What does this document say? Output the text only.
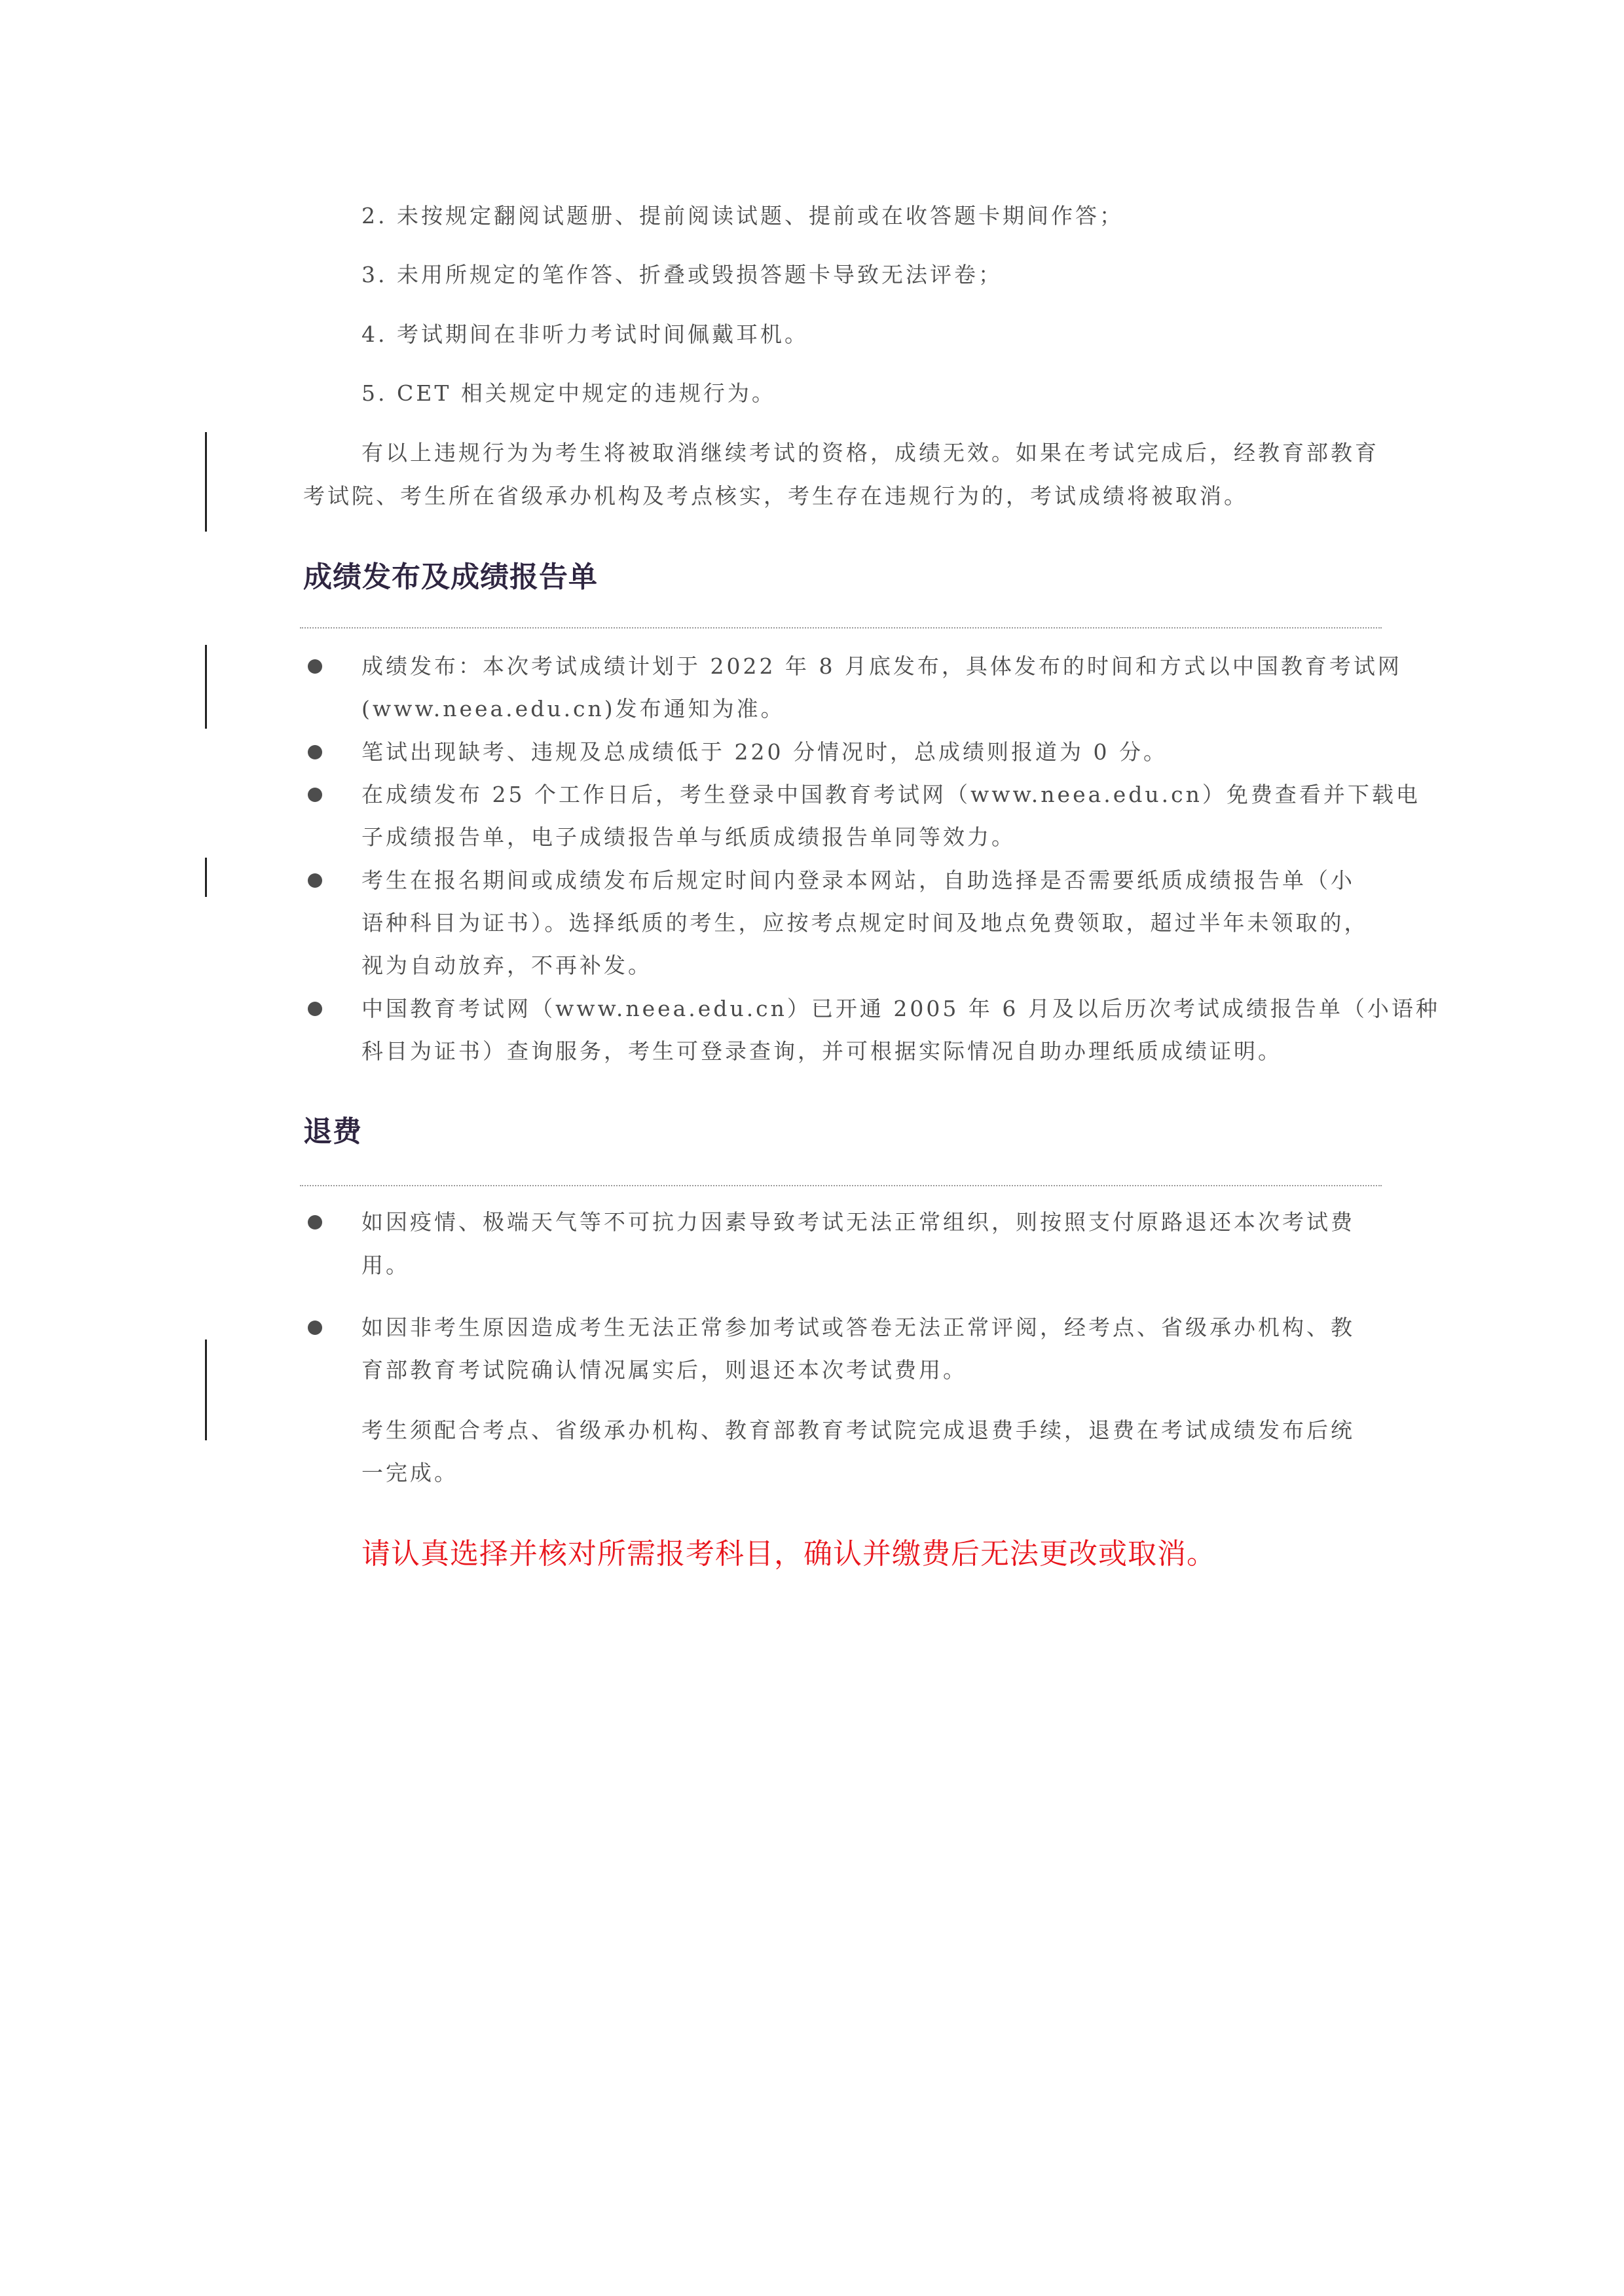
2. 未按规定翻阅试题册、提前阅读试题、提前或在收答题卡期间作答；
3. 未用所规定的笔作答、折叠或毁损答题卡导致无法评卷；
4. 考试期间在非听力考试时间佩戴耳机。
5. CET 相关规定中规定的违规行为。
有以上违规行为为考生将被取消继续考试的资格，成绩无效。如果在考试完成后，经教育部教育
考试院、考生所在省级承办机构及考点核实，考生存在违规行为的，考试成绩将被取消。
成绩发布及成绩报告单
成绩发布：本次考试成绩计划于 2022 年 8 月底发布，具体发布的时间和方式以中国教育考试网
(www.neea.edu.cn)发布通知为准。
笔试出现缺考、违规及总成绩低于 220 分情况时，总成绩则报道为 0 分。
在成绩发布 25 个工作日后，考生登录中国教育考试网（www.neea.edu.cn）免费查看并下载电
子成绩报告单，电子成绩报告单与纸质成绩报告单同等效力。
考生在报名期间或成绩发布后规定时间内登录本网站，自助选择是否需要纸质成绩报告单（小
语种科目为证书）。选择纸质的考生，应按考点规定时间及地点免费领取，超过半年未领取的，
视为自动放弃，不再补发。
中国教育考试网（www.neea.edu.cn）已开通 2005 年 6 月及以后历次考试成绩报告单（小语种
科目为证书）查询服务，考生可登录查询，并可根据实际情况自助办理纸质成绩证明。
退费
如因疫情、极端天气等不可抗力因素导致考试无法正常组织，则按照支付原路退还本次考试费
用。
如因非考生原因造成考生无法正常参加考试或答卷无法正常评阅，经考点、省级承办机构、教
育部教育考试院确认情况属实后，则退还本次考试费用。
考生须配合考点、省级承办机构、教育部教育考试院完成退费手续，退费在考试成绩发布后统
一完成。
请认真选择并核对所需报考科目，确认并缴费后无法更改或取消。
